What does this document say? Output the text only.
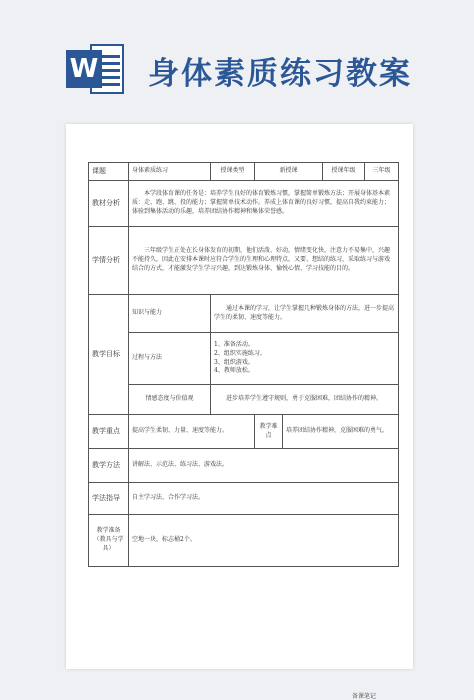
W 身体素质练习教案
课题	身体素质练习	授课类型	新授课		授课年级	三年级
教材分析	本学段体育课的任务是：培养学生良好的体育锻炼习惯，掌握简单锻炼方法；开展身体基本素质：走、跑、跳、投的能力；掌握简单技术动作，养成上体育课的良好习惯，提高自我约束能力；体验到集体活动的乐趣，培养团结协作精神和集体荣誉感。					
学情分析	三年级学生正处在长身体发育的初期，他们活泼、好动，情绪变化快，注意力不易集中，兴趣不能持久，因此在安排本课时应符合学生的生理和心理特点，又要、想结的练习，采取练习与游戏结合的方式，才能激发学生学习兴趣，到达锻炼身体、愉悦心情、学习技能的目的。					
教学目标	知识与能力	通过本课的学习，让学生掌握几种锻炼身体的方法，进一步提高学生的柔韧、速度等能力。				
	过程与方法	1、准备活动。
2、组织实施练习。
3、组织游戏。
4、教师放松。				

	情感态度与价值观	进步培养学生遵守规则，勇于克服困难，团结协作的精神。				
教学重点	提高学生柔韧、力量、速度等能力。		教学难点	培养团结协作精神，克服困难的勇气。		
教学方法	讲解法、示范法、练习法、游戏法。					
学法指导	自主学习法、合作学习法。					
教学准备（教具与学具）	空地一块，标志桶2个。					
备课笔记
